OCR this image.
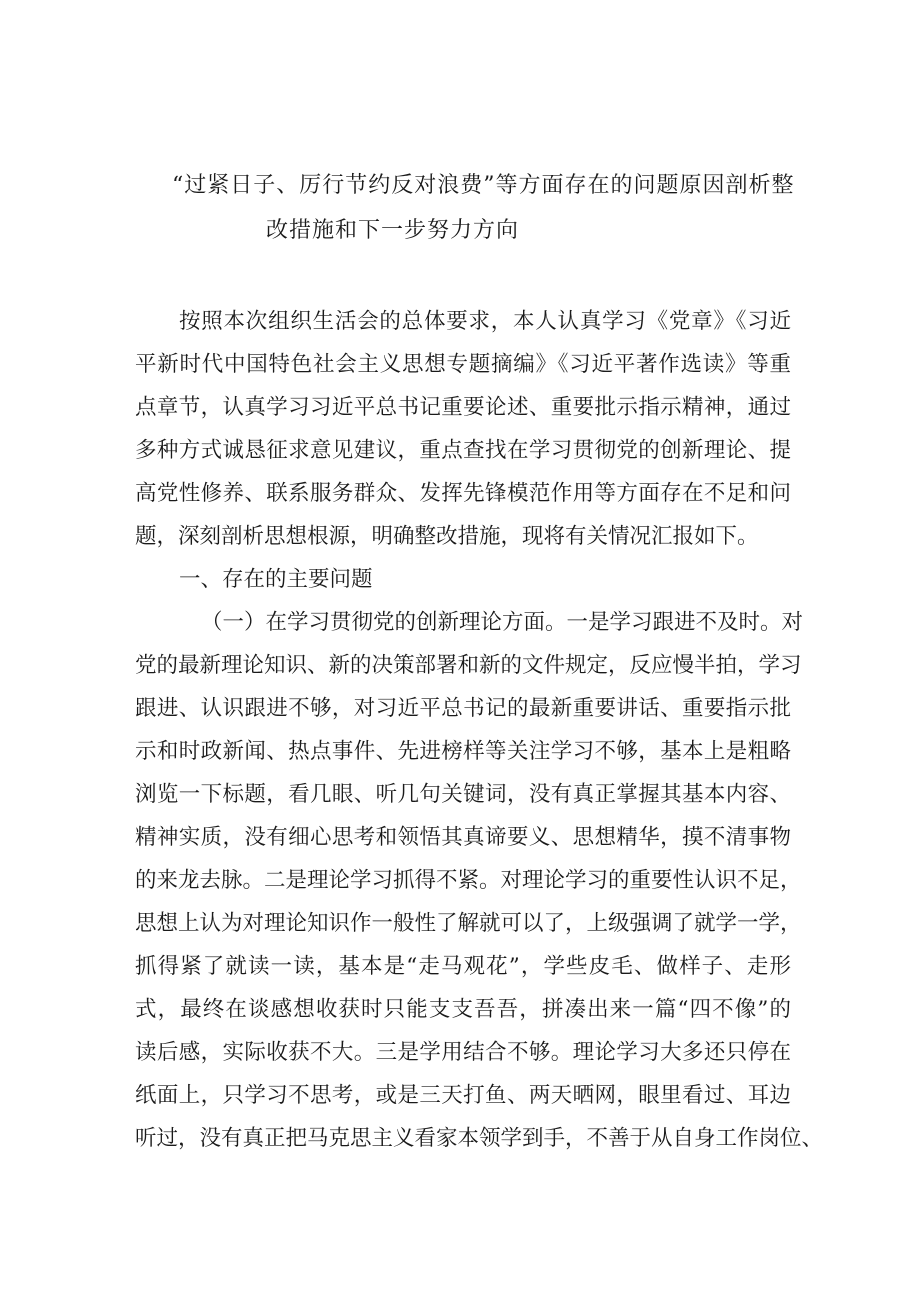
“过紧日子、厉行节约反对浪费”等方面存在的问题原因剖析整
改措施和下一步努力方向
按照本次组织生活会的总体要求，本人认真学习《党章》《习近
平新时代中国特色社会主义思想专题摘编》《习近平著作选读》等重
点章节，认真学习习近平总书记重要论述、重要批示指示精神，通过
多种方式诚恳征求意见建议，重点查找在学习贯彻党的创新理论、提
高党性修养、联系服务群众、发挥先锋模范作用等方面存在不足和问
题，深刻剖析思想根源，明确整改措施，现将有关情况汇报如下。
一、存在的主要问题
（一）在学习贯彻党的创新理论方面。一是学习跟进不及时。对
党的最新理论知识、新的决策部署和新的文件规定，反应慢半拍，学习
跟进、认识跟进不够，对习近平总书记的最新重要讲话、重要指示批
示和时政新闻、热点事件、先进榜样等关注学习不够，基本上是粗略
浏览一下标题，看几眼、听几句关键词，没有真正掌握其基本内容、
精神实质，没有细心思考和领悟其真谛要义、思想精华，摸不清事物
的来龙去脉。二是理论学习抓得不紧。对理论学习的重要性认识不足，
思想上认为对理论知识作一般性了解就可以了，上级强调了就学一学，
抓得紧了就读一读，基本是“走马观花”，学些皮毛、做样子、走形
式，最终在谈感想收获时只能支支吾吾，拼凑出来一篇“四不像”的
读后感，实际收获不大。三是学用结合不够。理论学习大多还只停在
纸面上，只学习不思考，或是三天打鱼、两天晒网，眼里看过、耳边
听过，没有真正把马克思主义看家本领学到手，不善于从自身工作岗位、
